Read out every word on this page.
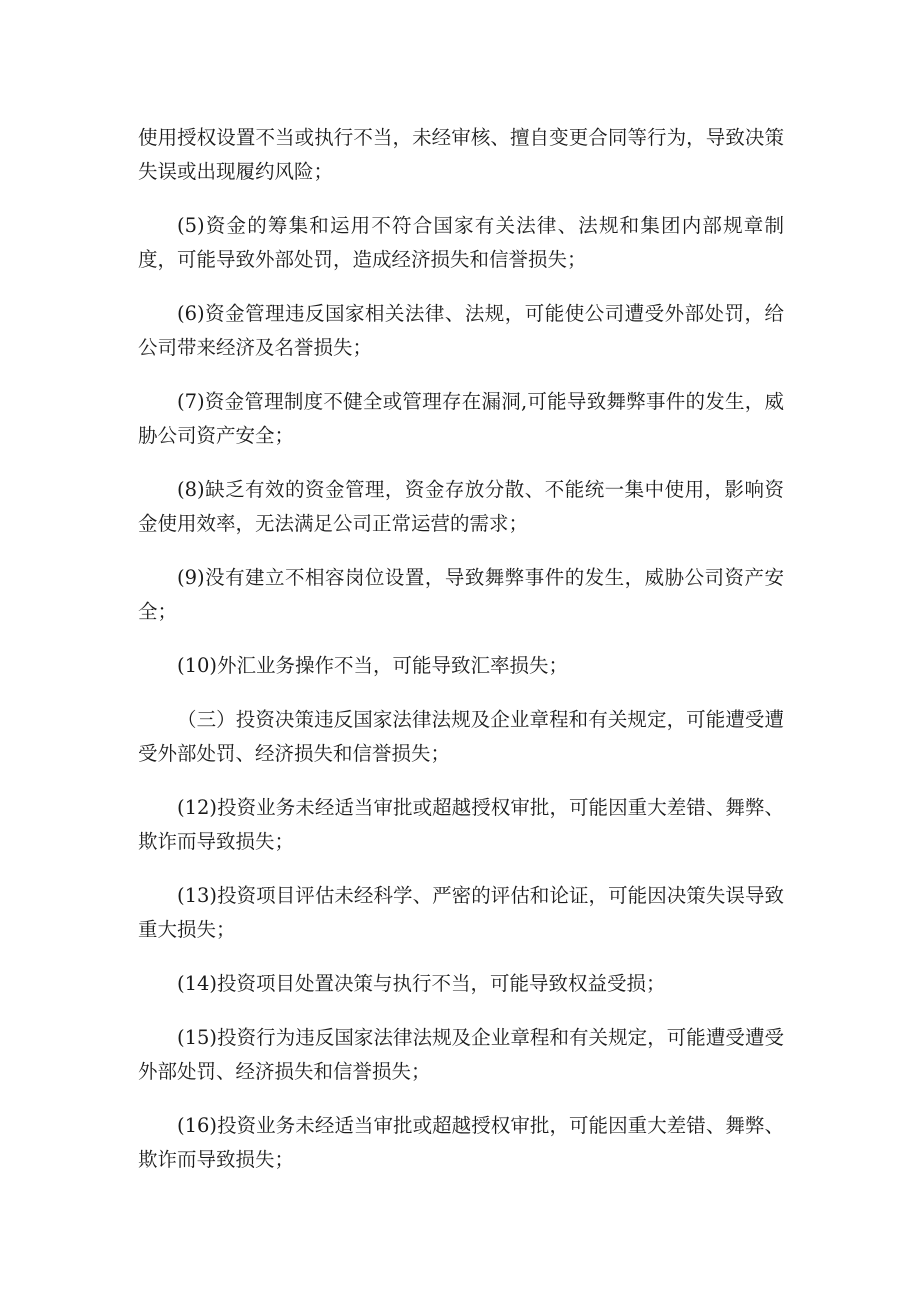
使用授权设置不当或执行不当，未经审核、擅自变更合同等行为，导致决策失误或出现履约风险；

(5)资金的筹集和运用不符合国家有关法律、法规和集团内部规章制度，可能导致外部处罚，造成经济损失和信誉损失；

(6)资金管理违反国家相关法律、法规，可能使公司遭受外部处罚，给公司带来经济及名誉损失；

(7)资金管理制度不健全或管理存在漏洞,可能导致舞弊事件的发生，威胁公司资产安全；

(8)缺乏有效的资金管理，资金存放分散、不能统一集中使用，影响资金使用效率，无法满足公司正常运营的需求；

(9)没有建立不相容岗位设置，导致舞弊事件的发生，威胁公司资产安全；

(10)外汇业务操作不当，可能导致汇率损失；

（三）投资决策违反国家法律法规及企业章程和有关规定，可能遭受遭受外部处罚、经济损失和信誉损失；

(12)投资业务未经适当审批或超越授权审批，可能因重大差错、舞弊、欺诈而导致损失；

(13)投资项目评估未经科学、严密的评估和论证，可能因决策失误导致重大损失；

(14)投资项目处置决策与执行不当，可能导致权益受损；

(15)投资行为违反国家法律法规及企业章程和有关规定，可能遭受遭受外部处罚、经济损失和信誉损失；

(16)投资业务未经适当审批或超越授权审批，可能因重大差错、舞弊、欺诈而导致损失；
